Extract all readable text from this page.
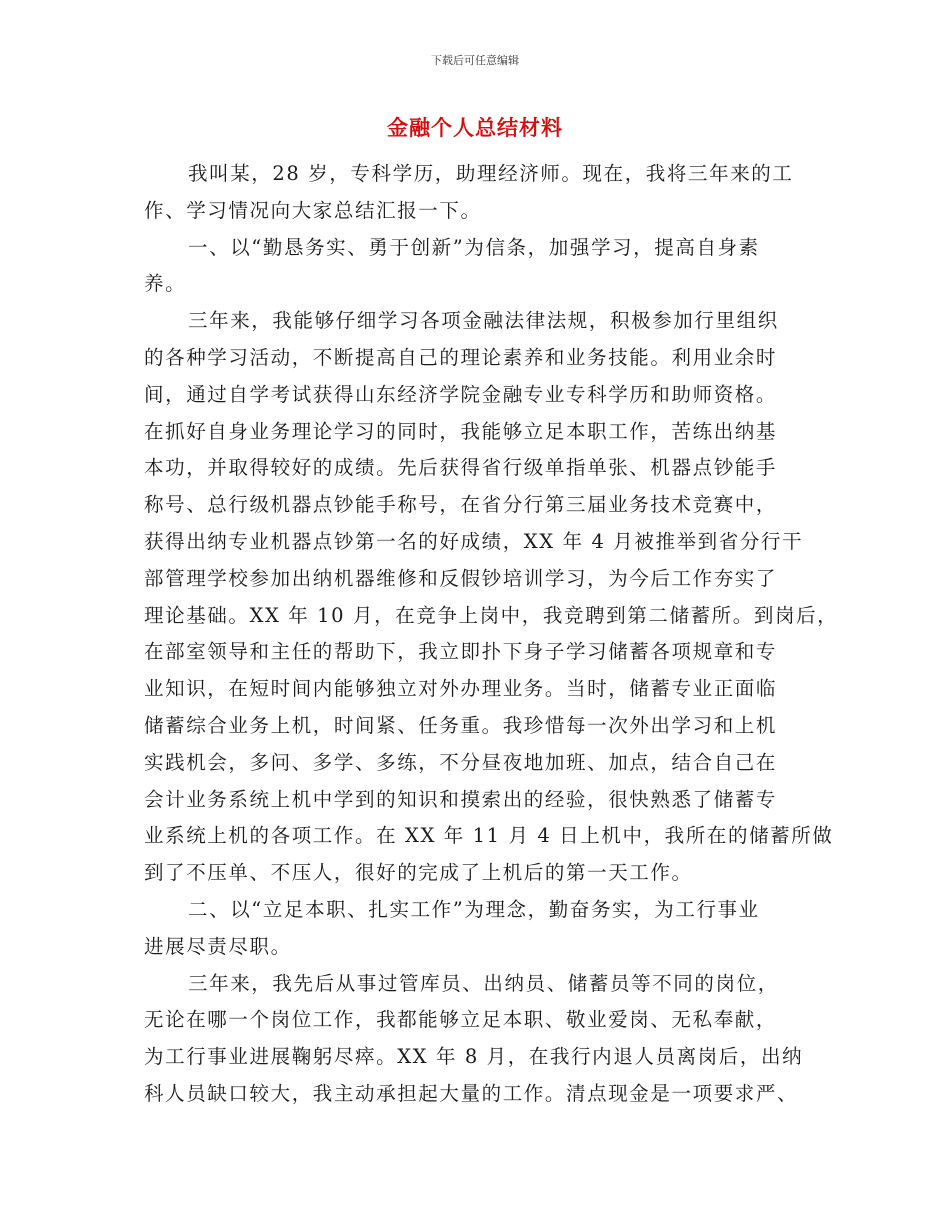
下载后可任意编辑
金融个人总结材料
我叫某，28 岁，专科学历，助理经济师。现在，我将三年来的工
作、学习情况向大家总结汇报一下。
一、以“勤恳务实、勇于创新”为信条，加强学习，提高自身素
养。
三年来，我能够仔细学习各项金融法律法规，积极参加行里组织
的各种学习活动，不断提高自己的理论素养和业务技能。利用业余时
间，通过自学考试获得山东经济学院金融专业专科学历和助师资格。
在抓好自身业务理论学习的同时，我能够立足本职工作，苦练出纳基
本功，并取得较好的成绩。先后获得省行级单指单张、机器点钞能手
称号、总行级机器点钞能手称号，在省分行第三届业务技术竞赛中，
获得出纳专业机器点钞第一名的好成绩，XX 年 4 月被推举到省分行干
部管理学校参加出纳机器维修和反假钞培训学习，为今后工作夯实了
理论基础。XX 年 10 月，在竞争上岗中，我竞聘到第二储蓄所。到岗后，
在部室领导和主任的帮助下，我立即扑下身子学习储蓄各项规章和专
业知识，在短时间内能够独立对外办理业务。当时，储蓄专业正面临
储蓄综合业务上机，时间紧、任务重。我珍惜每一次外出学习和上机
实践机会，多问、多学、多练，不分昼夜地加班、加点，结合自己在
会计业务系统上机中学到的知识和摸索出的经验，很快熟悉了储蓄专
业系统上机的各项工作。在 XX 年 11 月 4 日上机中，我所在的储蓄所做
到了不压单、不压人，很好的完成了上机后的第一天工作。
二、以“立足本职、扎实工作”为理念，勤奋务实，为工行事业
进展尽责尽职。
三年来，我先后从事过管库员、出纳员、储蓄员等不同的岗位，
无论在哪一个岗位工作，我都能够立足本职、敬业爱岗、无私奉献，
为工行事业进展鞠躬尽瘁。XX 年 8 月，在我行内退人员离岗后，出纳
科人员缺口较大，我主动承担起大量的工作。清点现金是一项要求严、
